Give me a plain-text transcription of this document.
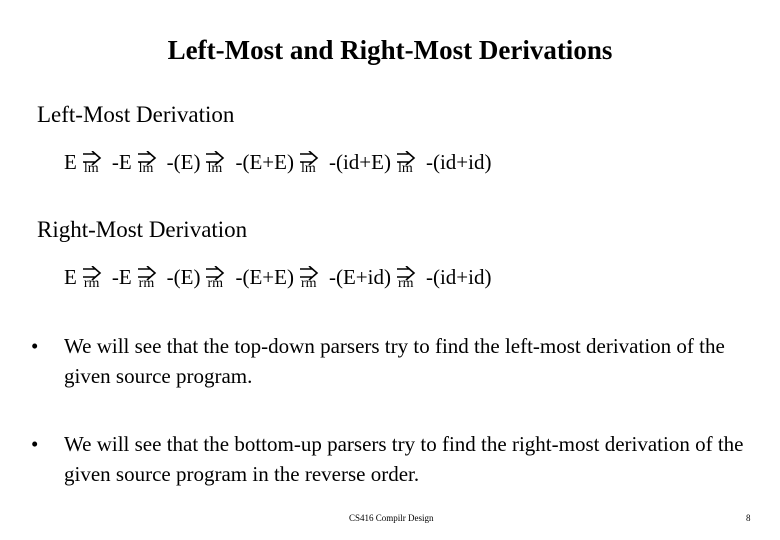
Left-Most and Right-Most Derivations
Left-Most Derivation
E lm -E lm -(E) lm -(E+E) lm -(id+E) lm -(id+id)
Right-Most Derivation
E rm -E rm -(E) rm -(E+E) rm -(E+id) rm -(id+id)
• We will see that the top-down parsers try to find the left-most derivation of the given source program.
• We will see that the bottom-up parsers try to find the right-most derivation of the given source program in the reverse order.
CS416 Compilr Design	8
